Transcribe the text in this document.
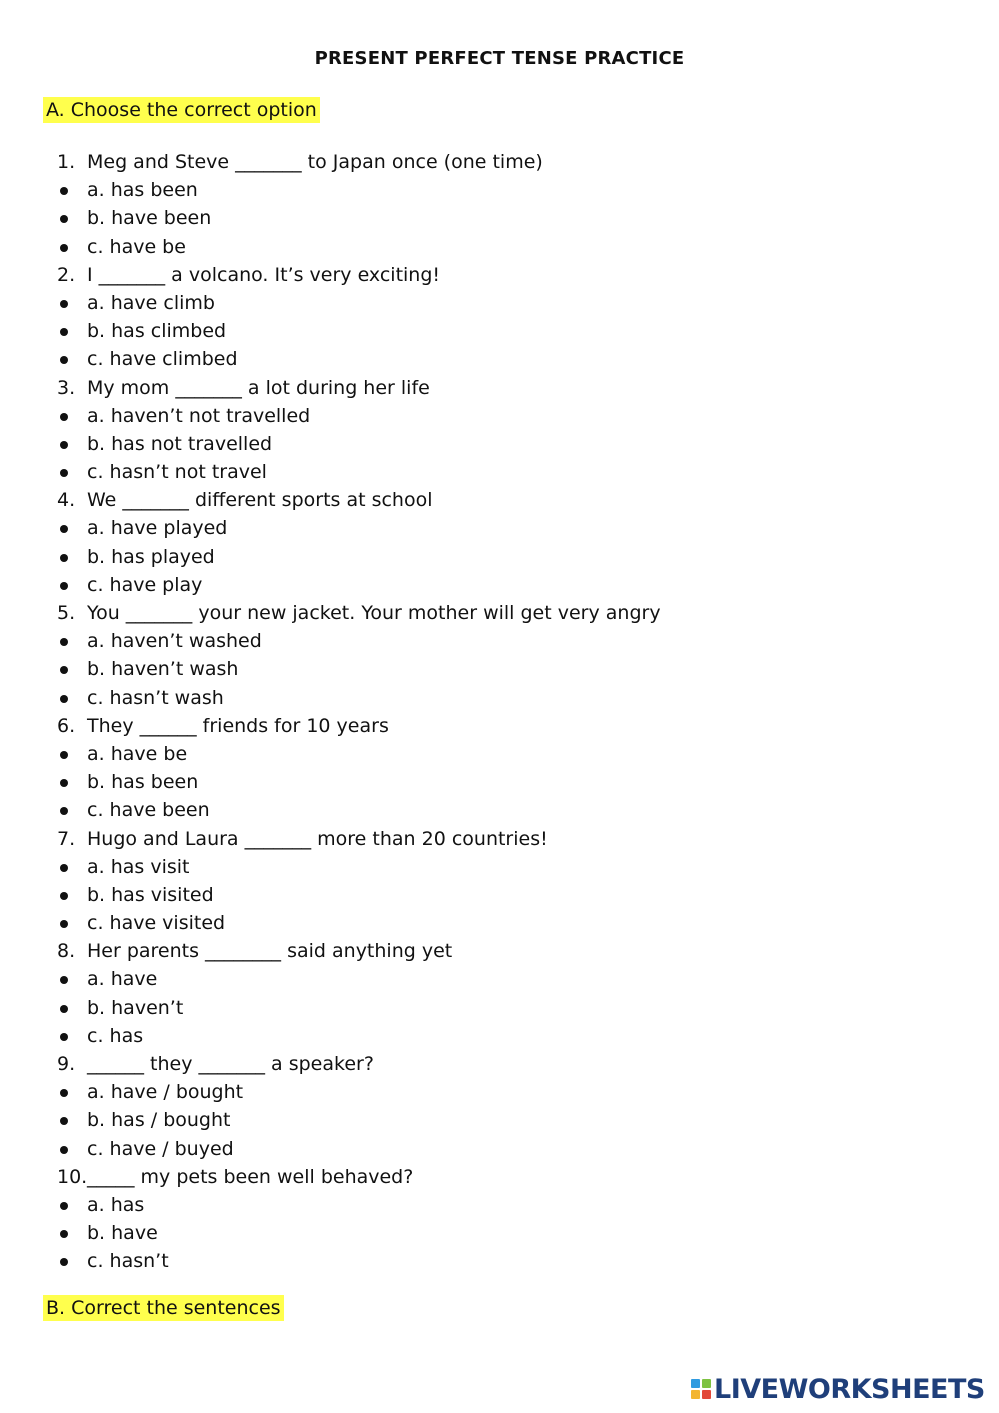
PRESENT PERFECT TENSE PRACTICE
A. Choose the correct option
1. Meg and Steve _______ to Japan once (one time)
a. has been
b. have been
c. have be
2. I _______ a volcano. It’s very exciting!
a. have climb
b. has climbed
c. have climbed
3. My mom _______ a lot during her life
a. haven’t not travelled
b. has not travelled
c. hasn’t not travel
4. We _______ different sports at school
a. have played
b. has played
c. have play
5. You _______ your new jacket. Your mother will get very angry
a. haven’t washed
b. haven’t wash
c. hasn’t wash
6. They ______ friends for 10 years
a. have be
b. has been
c. have been
7. Hugo and Laura _______ more than 20 countries!
a. has visit
b. has visited
c. have visited
8. Her parents ________ said anything yet
a. have
b. haven’t
c. has
9. ______ they _______ a speaker?
a. have / bought
b. has / bought
c. have / buyed
10. _____ my pets been well behaved?
a. has
b. have
c. hasn’t
B. Correct the sentences
LIVEWORKSHEETS
